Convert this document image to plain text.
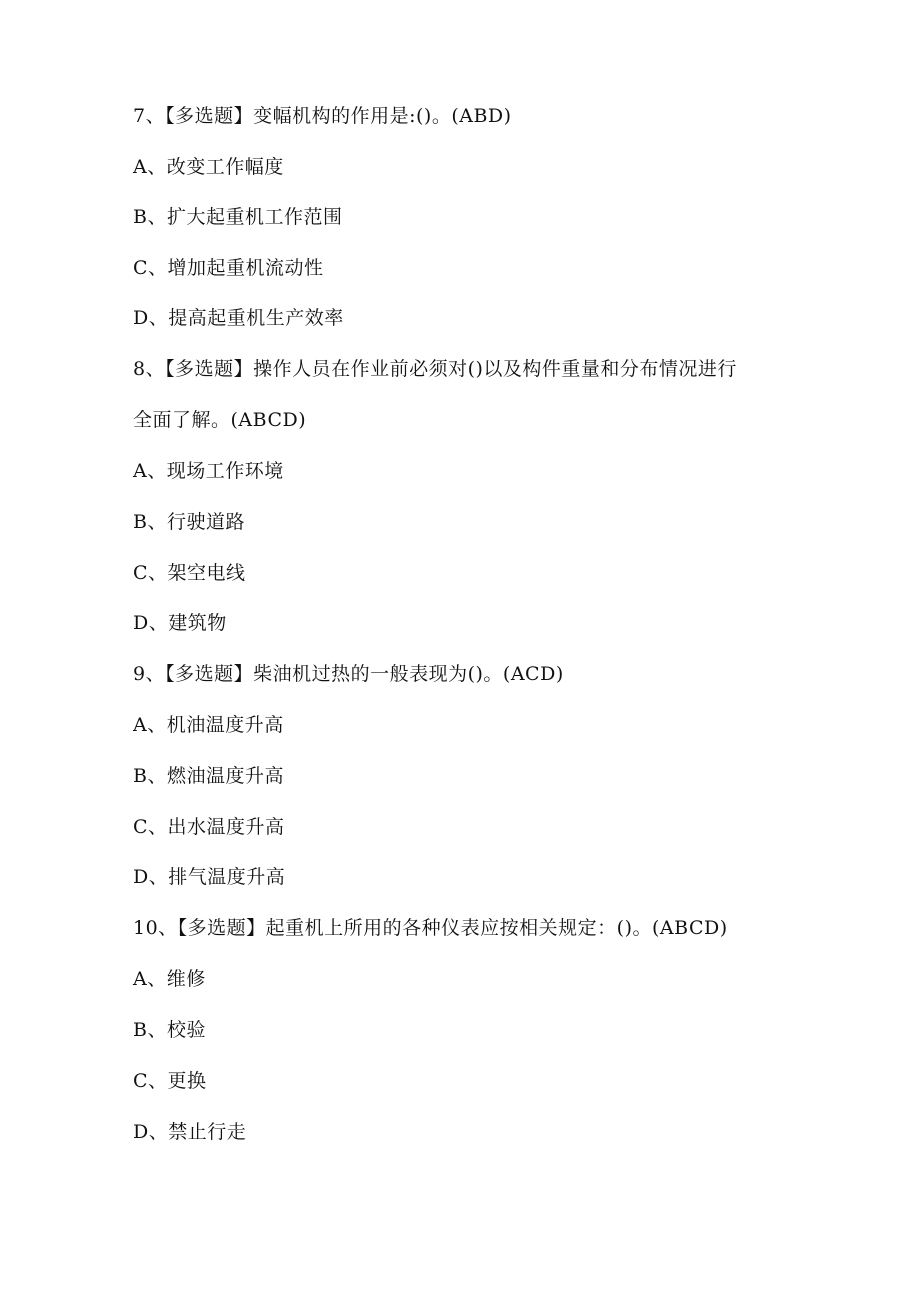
7、【多选题】变幅机构的作用是:()。(ABD)
A、改变工作幅度
B、扩大起重机工作范围
C、增加起重机流动性
D、提高起重机生产效率
8、【多选题】操作人员在作业前必须对()以及构件重量和分布情况进行
全面了解。(ABCD)
A、现场工作环境
B、行驶道路
C、架空电线
D、建筑物
9、【多选题】柴油机过热的一般表现为()。(ACD)
A、机油温度升高
B、燃油温度升高
C、出水温度升高
D、排气温度升高
10、【多选题】起重机上所用的各种仪表应按相关规定：()。(ABCD)
A、维修
B、校验
C、更换
D、禁止行走
